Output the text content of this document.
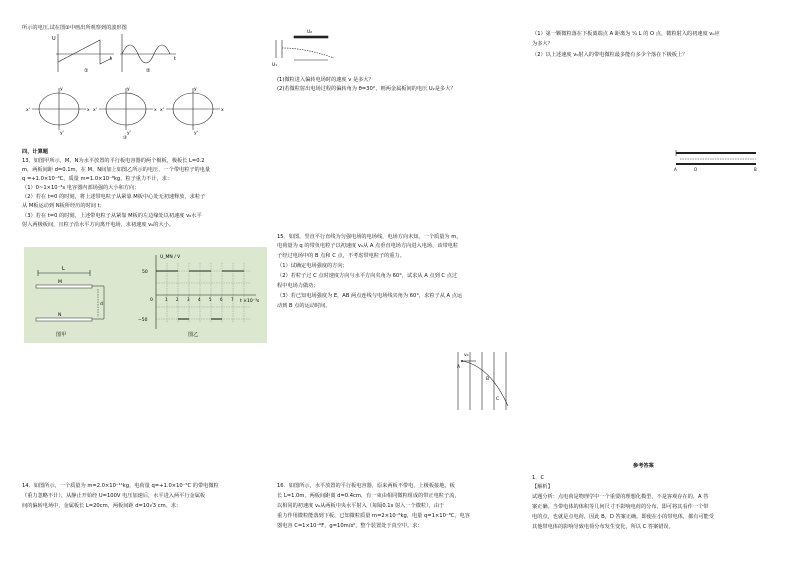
所示的电压,试在图③中画出所观察到的波形图
U
t	t
①	②
y
y'
x'	x
y
y'
x'	x
y
y'
x'	x
③
四、计算题
13．如图甲所示，M、N为水平放置的平行板电容器的两个极板，极板长 L=0.2
m，两板间距 d=0.1m，在 M、N间加上如图乙所示的电压，一个带电粒子的电量
q =+1.0×10⁻⁶C，质量 m=1.0×10⁻⁸kg，粒子重力不计，求：
（1）0~1×10⁻³s 电容器内部场强的大小和方向；
（2）若在 t=0 的时刻，将上述带电粒子从紧靠 M板中心处无初速释放，求粒子
从 M板运动到 N板所经历的时间 t；
（3）若在 t=0 的时刻，上述带电粒子从紧靠 M板的左边缘处以初速度 v₀水平
射入两极板间，且粒子沿水平方向离开电场，求初速度 v₀的大小。
L
M
N
d
图甲
U_MN / V
t ×10⁻³s
50
−50
0	1 2 3 4 5 6 7
图乙
14．如图所示，一个质量为 m=2.0×10⁻¹¹kg，电荷量 q=+1.0×10⁻⁵C 的带电微粒
（重力忽略不计），从静止开始经 U=100V 电压加速后，水平进入两平行金属板
间的偏转电场中，金属板长 L=20cm，两板间距 d=10√3 cm。求：
U₂
U₁
(1)微粒进入偏转电场时的速度 v 是多大？
(2)若微粒射出电场过程的偏转角为 θ=30°，则两金属板间的电压 U₂是多大？
15．如图，竖直平行直线为匀强电场的电场线，电场方向未知。一个质量为 m，
电荷量为 q 的带负电粒子以初速度 v₀从 A 点垂直电场方向进入电场，该带电粒
子经过电场中的 B 点和 C 点，不考虑带电粒子的重力。
（1）试确定电场强度的方向；
（2）若粒子过 C 点时速度方向与水平方向夹角为 60°，试求从 A 点到 C 点过
程中电场力做功；
（3）若已知电场强度为 E，AB 两点连线与电场线夹角为 60°，求粒子从 A 点运
动到 B 点的运动时间。
v₀
A
B
C
16．如图所示，水平放置的平行板电容器，原来两板不带电，上极板接地，板
长 L=1.0m，两板间距离 d=0.4cm，有一束由相同微粒组成的带正电粒子流，
以相同的初速度 v₀从两板中央水平射入（每隔0.1s 射入一个微粒），由于
重力作用微粒能落到下板，已知微粒质量 m=2×10⁻⁶kg，电量 q=1×10⁻⁸C，电容
器电容 C=1×10⁻⁶F，g=10m/s²，整个装置处于真空中。求：
（1）第一颗微粒落在下板离端点 A 距离为 ¼ L 的 O 点，微粒射入的初速度 v₀应
为多大？
（2）以上述速度 v₀射入的带电微粒最多能有多少个落在下极板上？
A	O	B
参考答案
1．C
【解析】
试题分析：点电荷是物理学中一个重要的理想化模型，不是客观存在的，A 答
案正确。当带电体的体积等几何尺寸不影响电荷的分布，即可将其看作一个带
电的点，也就是点电荷，因此 B，D 答案正确。即使在小的带电体，都有可能受
其他带电体的影响导致电荷分布发生变化，所以 C 答案错误。
